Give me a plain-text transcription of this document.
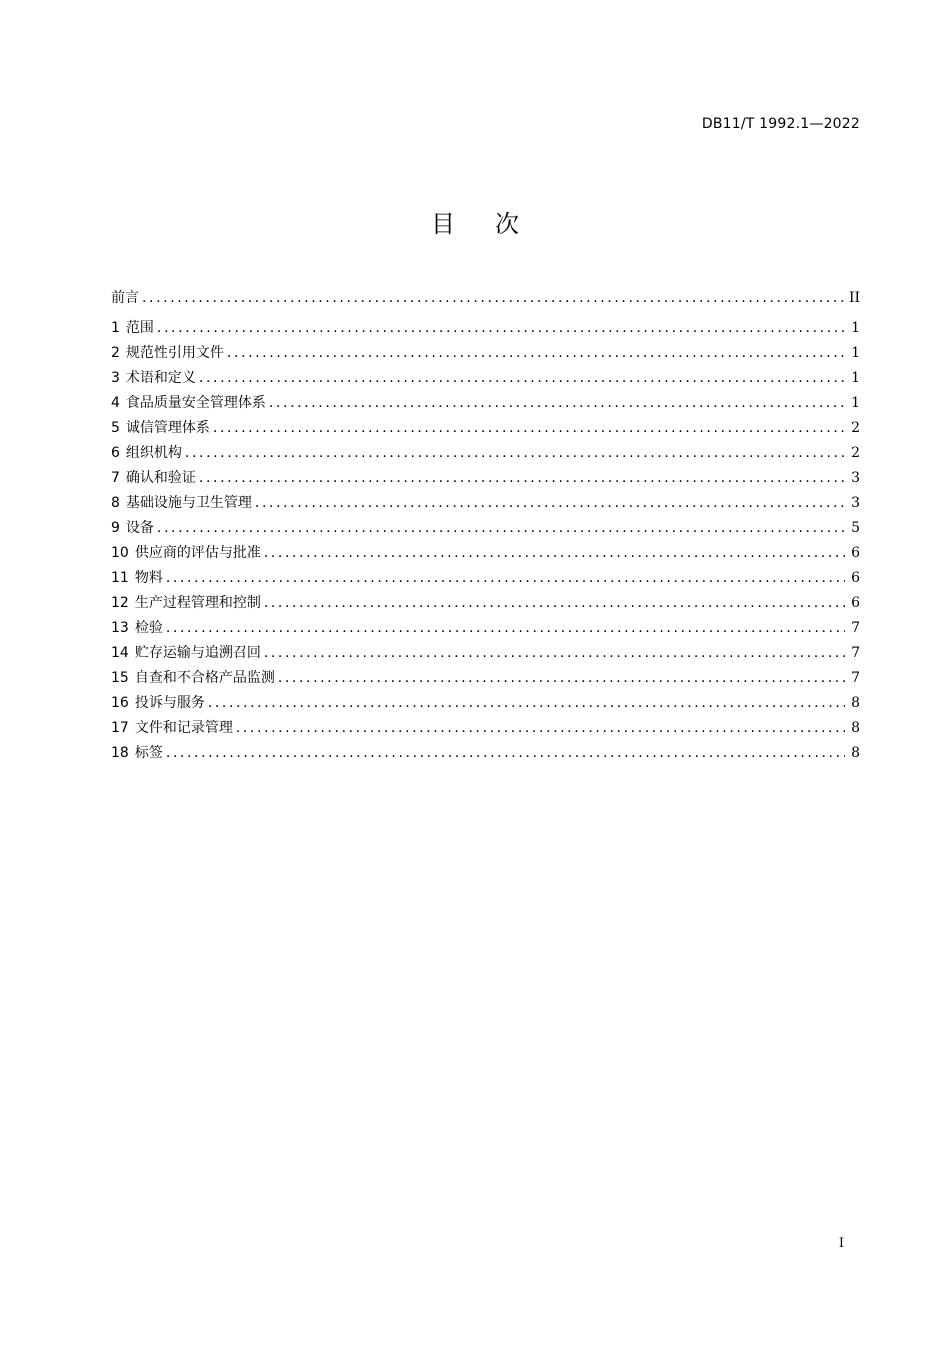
DB11/T 1992.1—2022
目次
前言 .....	II
1 范围 .....	1
2 规范性引用文件 .....	1
3 术语和定义 .....	1
4 食品质量安全管理体系 .....	1
5 诚信管理体系 .....	2
6 组织机构 .....	2
7 确认和验证 .....	3
8 基础设施与卫生管理 .....	3
9 设备 .....	5
10 供应商的评估与批准 .....	6
11 物料 .....	6
12 生产过程管理和控制 .....	6
13 检验 .....	7
14 贮存运输与追溯召回 .....	7
15 自查和不合格产品监测 .....	7
16 投诉与服务 .....	8
17 文件和记录管理 .....	8
18 标签 .....	8
I
